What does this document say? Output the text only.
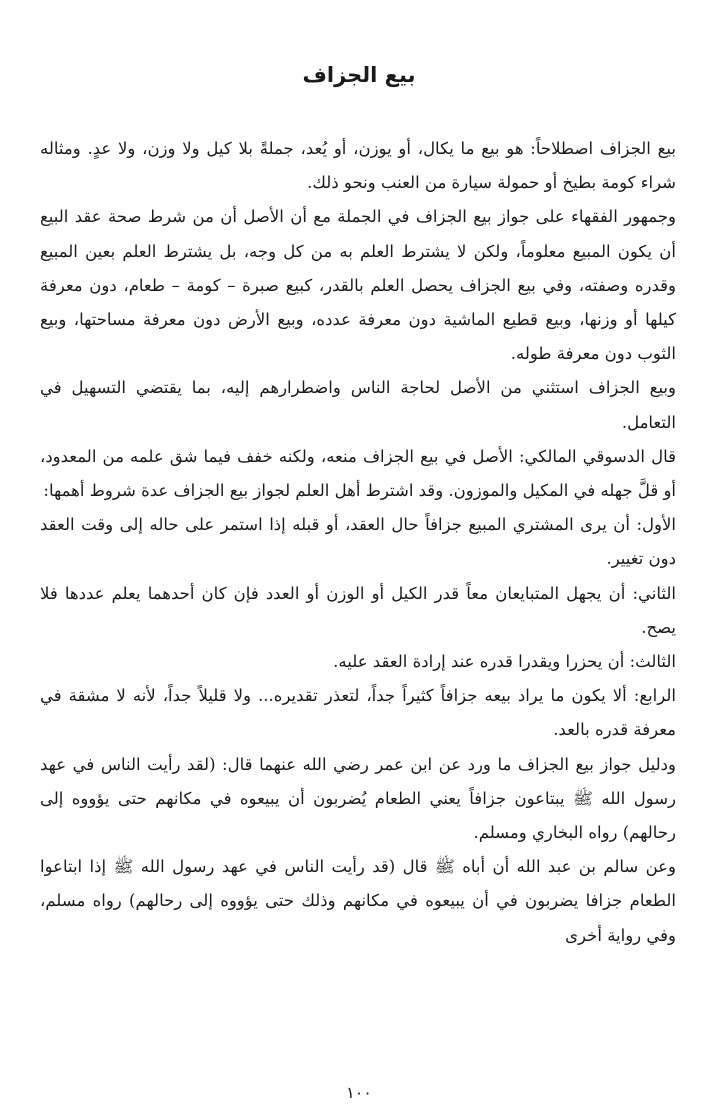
بيع الجزاف

بيع الجزاف اصطلاحاً: هو بيع ما يكال، أو يوزن، أو يُعد، جملةً بلا كيل ولا وزن، ولا عدٍ. ومثاله شراء كومة بطيخ أو حمولة سيارة من العنب ونحو ذلك.

وجمهور الفقهاء على جواز بيع الجزاف في الجملة مع أن الأصل أن من شرط صحة عقد البيع أن يكون المبيع معلوماً، ولكن لا يشترط العلم به من كل وجه، بل يشترط العلم بعين المبيع وقدره وصفته، وفي بيع الجزاف يحصل العلم بالقدر، كبيع صبرة – كومة – طعام، دون معرفة كيلها أو وزنها، وبيع قطيع الماشية دون معرفة عدده، وبيع الأرض دون معرفة مساحتها، وبيع الثوب دون معرفة طوله.

وبيع الجزاف استثني من الأصل لحاجة الناس واضطرارهم إليه، بما يقتضي التسهيل في التعامل.

قال الدسوقي المالكي: الأصل في بيع الجزاف منعه، ولكنه خفف فيما شق علمه من المعدود، أو قلَّ جهله في المكيل والموزون. وقد اشترط أهل العلم لجواز بيع الجزاف عدة شروط أهمها:

الأول: أن يرى المشتري المبيع جزافاً حال العقد، أو قبله إذا استمر على حاله إلى وقت العقد دون تغيير.

الثاني: أن يجهل المتبايعان معاً قدر الكيل أو الوزن أو العدد فإن كان أحدهما يعلم عددها فلا يصح.

الثالث: أن يحزرا ويقدرا قدره عند إرادة العقد عليه.

الرابع: ألا يكون ما يراد بيعه جزافاً كثيراً جداً، لتعذر تقديره... ولا قليلاً جداً، لأنه لا مشقة في معرفة قدره بالعد.

ودليل جواز بيع الجزاف ما ورد عن ابن عمر رضي الله عنهما قال: (لقد رأيت الناس في عهد رسول الله ﷺ يبتاعون جزافاً يعني الطعام يُضربون أن يبيعوه في مكانهم حتى يؤووه إلى رحالهم) رواه البخاري ومسلم.

وعن سالم بن عبد الله أن أباه ﷺ قال (قد رأيت الناس في عهد رسول الله ﷺ إذا ابتاعوا الطعام جزافا يضربون في أن يبيعوه في مكانهم وذلك حتى يؤووه إلى رحالهم) رواه مسلم، وفي رواية أخرى

١٠٠
